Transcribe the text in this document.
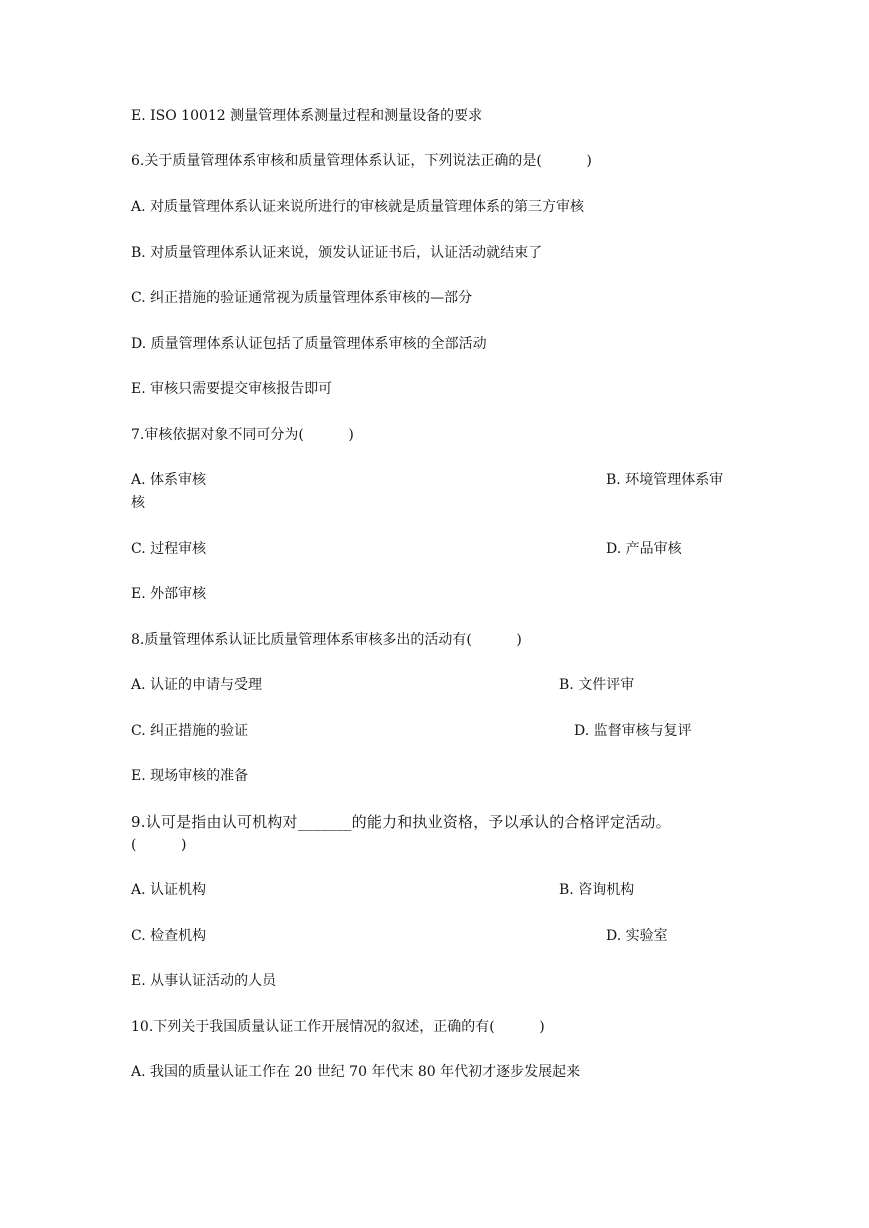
E. ISO 10012 测量管理体系测量过程和测量设备的要求
6.关于质量管理体系审核和质量管理体系认证，下列说法正确的是(          )
A. 对质量管理体系认证来说所进行的审核就是质量管理体系的第三方审核
B. 对质量管理体系认证来说，颁发认证证书后，认证活动就结束了
C. 纠正措施的验证通常视为质量管理体系审核的—部分
D. 质量管理体系认证包括了质量管理体系审核的全部活动
E. 审核只需要提交审核报告即可
7.审核依据对象不同可分为(          )
A. 体系审核	B. 环境管理体系审
核
C. 过程审核	D. 产品审核
E. 外部审核
8.质量管理体系认证比质量管理体系审核多出的活动有(          )
A. 认证的申请与受理	B. 文件评审
C. 纠正措施的验证	D. 监督审核与复评
E. 现场审核的准备
9.认可是指由认可机构对_______的能力和执业资格，予以承认的合格评定活动。
(          )
A. 认证机构	B. 咨询机构
C. 检查机构	D. 实验室
E. 从事认证活动的人员
10.下列关于我国质量认证工作开展情况的叙述，正确的有(          )
A. 我国的质量认证工作在 20 世纪 70 年代末 80 年代初才逐步发展起来
